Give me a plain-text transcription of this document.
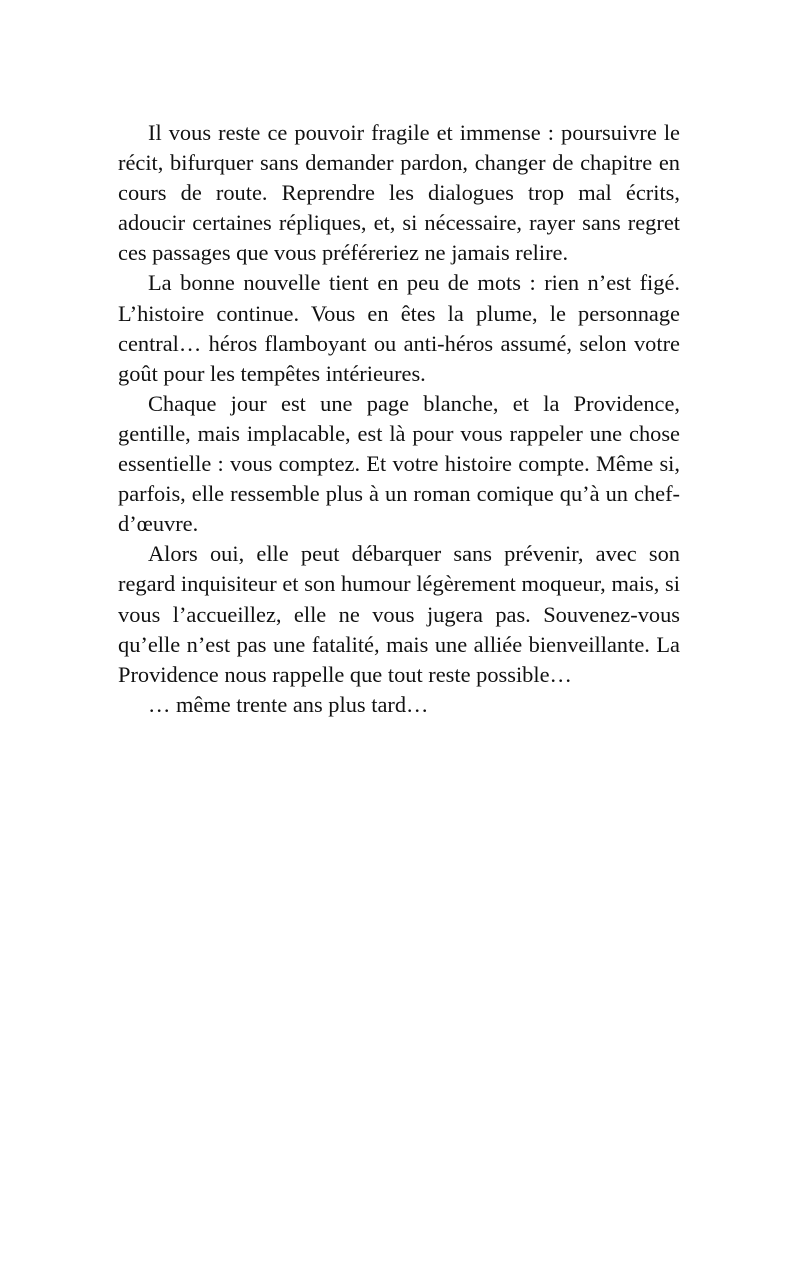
Il vous reste ce pouvoir fragile et immense : poursuivre le récit, bifurquer sans demander pardon, changer de chapitre en cours de route. Reprendre les dialogues trop mal écrits, adoucir certaines répliques, et, si nécessaire, rayer sans regret ces passages que vous préféreriez ne jamais relire.

La bonne nouvelle tient en peu de mots : rien n’est figé. L’histoire continue. Vous en êtes la plume, le personnage central… héros flamboyant ou anti-héros assumé, selon votre goût pour les tempêtes intérieures.

Chaque jour est une page blanche, et la Providence, gentille, mais implacable, est là pour vous rappeler une chose essentielle : vous comptez. Et votre histoire compte. Même si, parfois, elle ressemble plus à un roman comique qu’à un chef-d’œuvre.

Alors oui, elle peut débarquer sans prévenir, avec son regard inquisiteur et son humour légèrement moqueur, mais, si vous l’accueillez, elle ne vous jugera pas. Souvenez-vous qu’elle n’est pas une fatalité, mais une alliée bienveillante. La Providence nous rappelle que tout reste possible…

… même trente ans plus tard…
